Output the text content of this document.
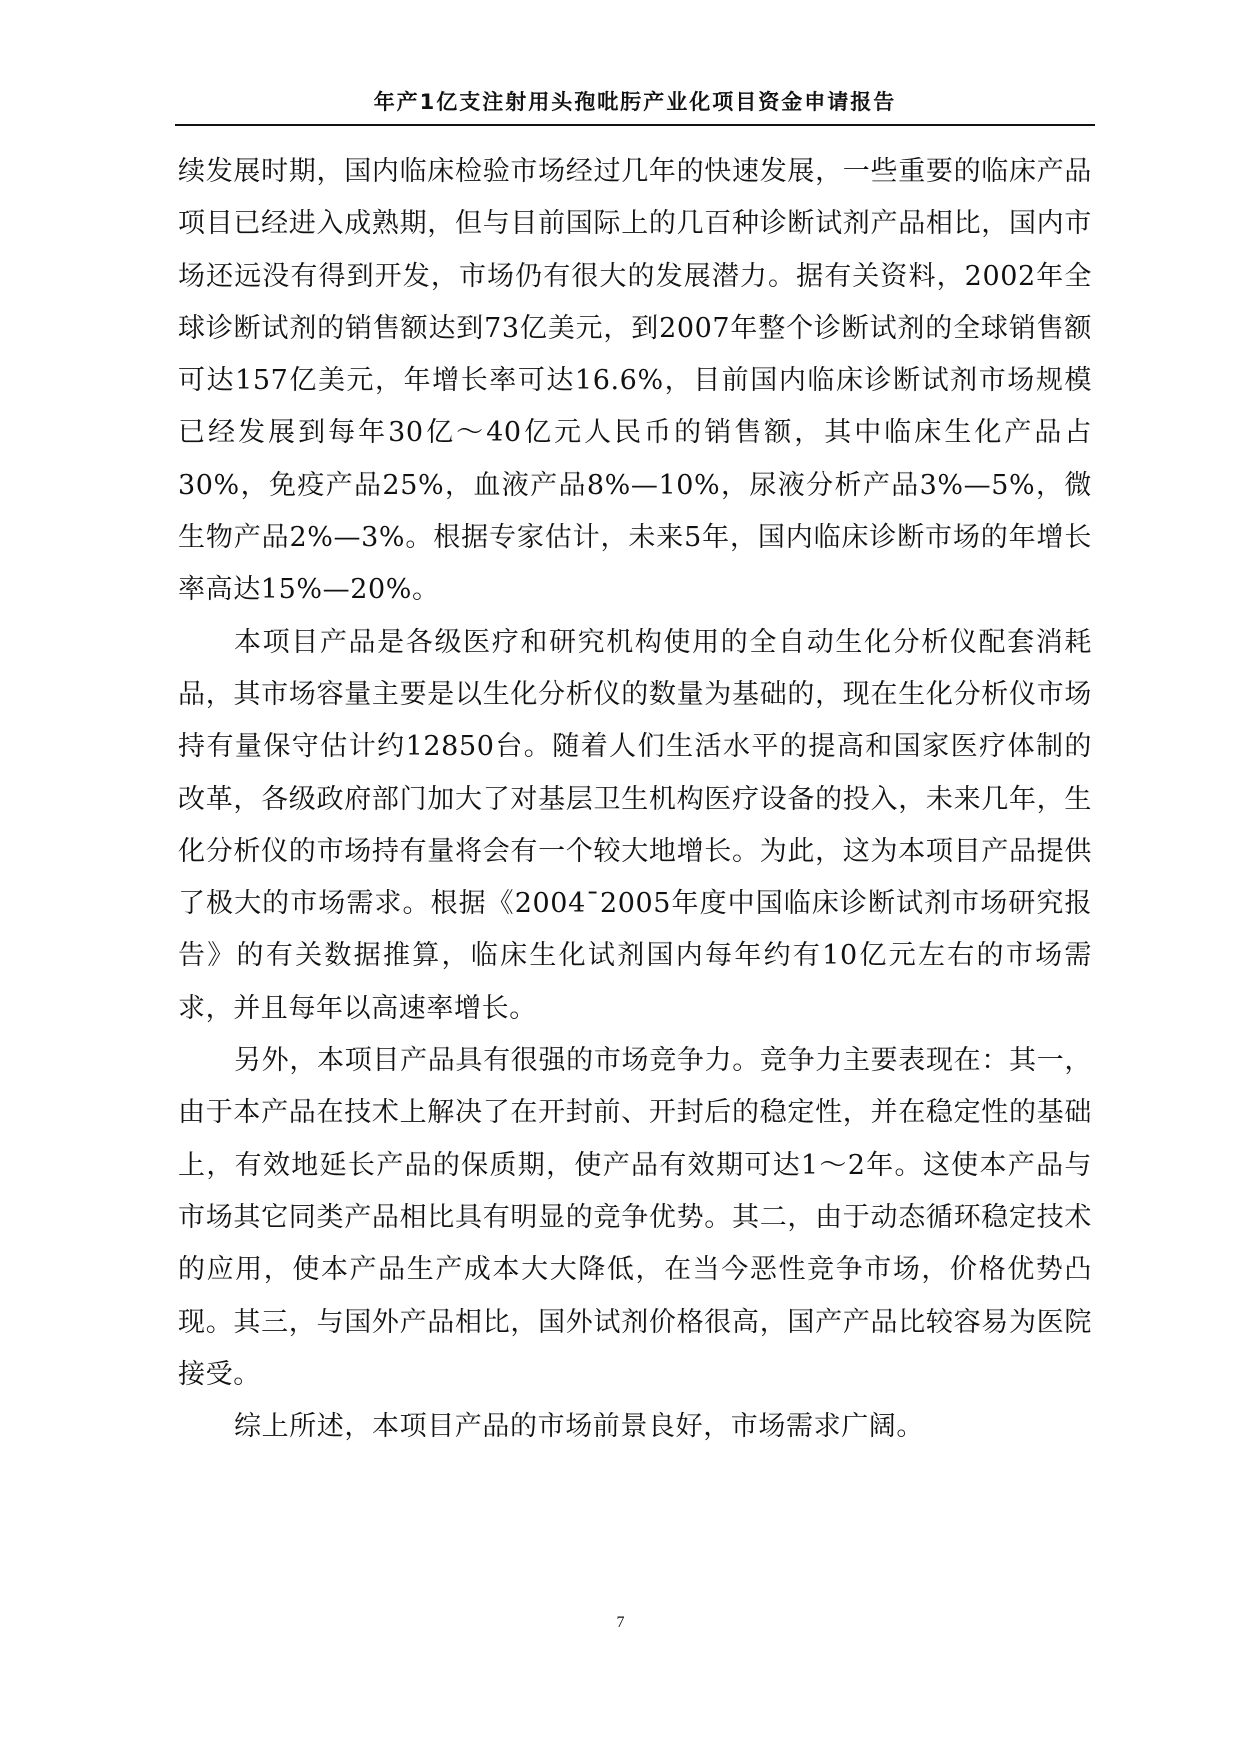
年产1亿支注射用头孢吡肟产业化项目资金申请报告

续发展时期，国内临床检验市场经过几年的快速发展，一些重要的临床产品项目已经进入成熟期，但与目前国际上的几百种诊断试剂产品相比，国内市场还远没有得到开发，市场仍有很大的发展潜力。据有关资料，2002年全球诊断试剂的销售额达到73亿美元，到2007年整个诊断试剂的全球销售额可达157亿美元，年增长率可达16.6%，目前国内临床诊断试剂市场规模已经发展到每年30亿～40亿元人民币的销售额，其中临床生化产品占30%，免疫产品25%，血液产品8%—10%，尿液分析产品3%—5%，微生物产品2%—3%。根据专家估计，未来5年，国内临床诊断市场的年增长率高达15%—20%。

本项目产品是各级医疗和研究机构使用的全自动生化分析仪配套消耗品，其市场容量主要是以生化分析仪的数量为基础的，现在生化分析仪市场持有量保守估计约12850台。随着人们生活水平的提高和国家医疗体制的改革，各级政府部门加大了对基层卫生机构医疗设备的投入，未来几年，生化分析仪的市场持有量将会有一个较大地增长。为此，这为本项目产品提供了极大的市场需求。根据《2004¯2005年度中国临床诊断试剂市场研究报告》的有关数据推算，临床生化试剂国内每年约有10亿元左右的市场需求，并且每年以高速率增长。

另外，本项目产品具有很强的市场竞争力。竞争力主要表现在：其一，由于本产品在技术上解决了在开封前、开封后的稳定性，并在稳定性的基础上，有效地延长产品的保质期，使产品有效期可达1～2年。这使本产品与市场其它同类产品相比具有明显的竞争优势。其二，由于动态循环稳定技术的应用，使本产品生产成本大大降低，在当今恶性竞争市场，价格优势凸现。其三，与国外产品相比，国外试剂价格很高，国产产品比较容易为医院接受。

综上所述，本项目产品的市场前景良好，市场需求广阔。

7
